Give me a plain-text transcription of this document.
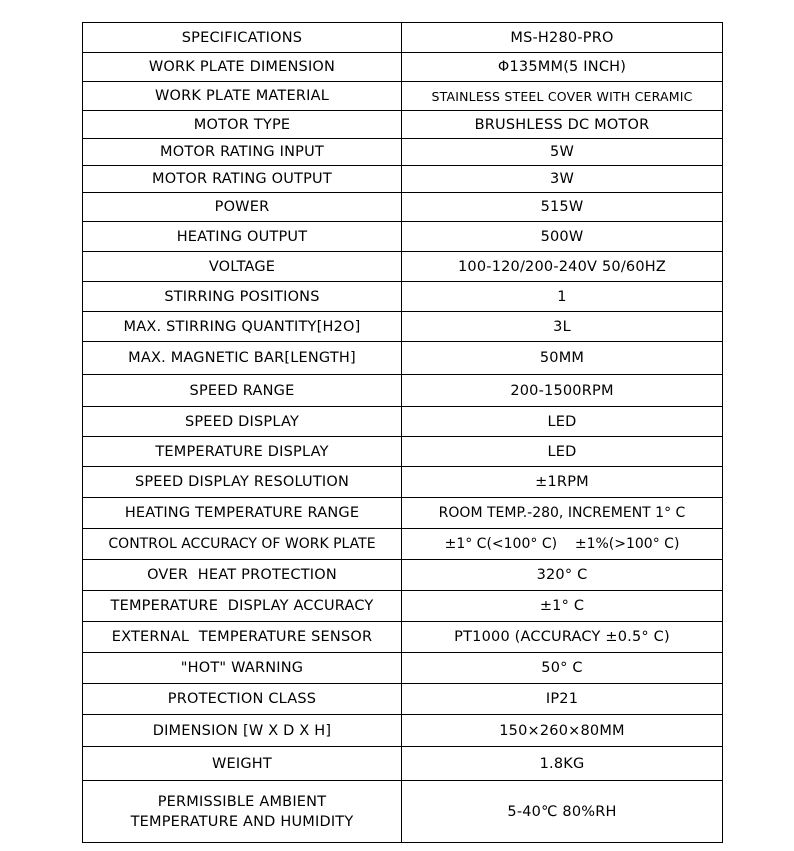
SPECIFICATIONS	MS-H280-PRO
WORK PLATE DIMENSION	Φ135MM(5 INCH)
WORK PLATE MATERIAL	STAINLESS STEEL COVER WITH CERAMIC
MOTOR TYPE	BRUSHLESS DC MOTOR
MOTOR RATING INPUT	5W
MOTOR RATING OUTPUT	3W
POWER	515W
HEATING OUTPUT	500W
VOLTAGE	100-120/200-240V 50/60HZ
STIRRING POSITIONS	1
MAX. STIRRING QUANTITY[H2O]	3L
MAX. MAGNETIC BAR[LENGTH]	50MM
SPEED RANGE	200-1500RPM
SPEED DISPLAY	LED
TEMPERATURE DISPLAY	LED
SPEED DISPLAY RESOLUTION	±1RPM
HEATING TEMPERATURE RANGE	ROOM TEMP.-280, INCREMENT 1° C
CONTROL ACCURACY OF WORK PLATE	±1° C(<100° C)    ±1%(>100° C)
OVER  HEAT PROTECTION	320° C
TEMPERATURE  DISPLAY ACCURACY	±1° C
EXTERNAL  TEMPERATURE SENSOR	PT1000 (ACCURACY ±0.5° C)
"HOT" WARNING	50° C
PROTECTION CLASS	IP21
DIMENSION [W X D X H]	150×260×80MM
WEIGHT	1.8KG
PERMISSIBLE AMBIENT
TEMPERATURE AND HUMIDITY	5-40℃ 80%RH
